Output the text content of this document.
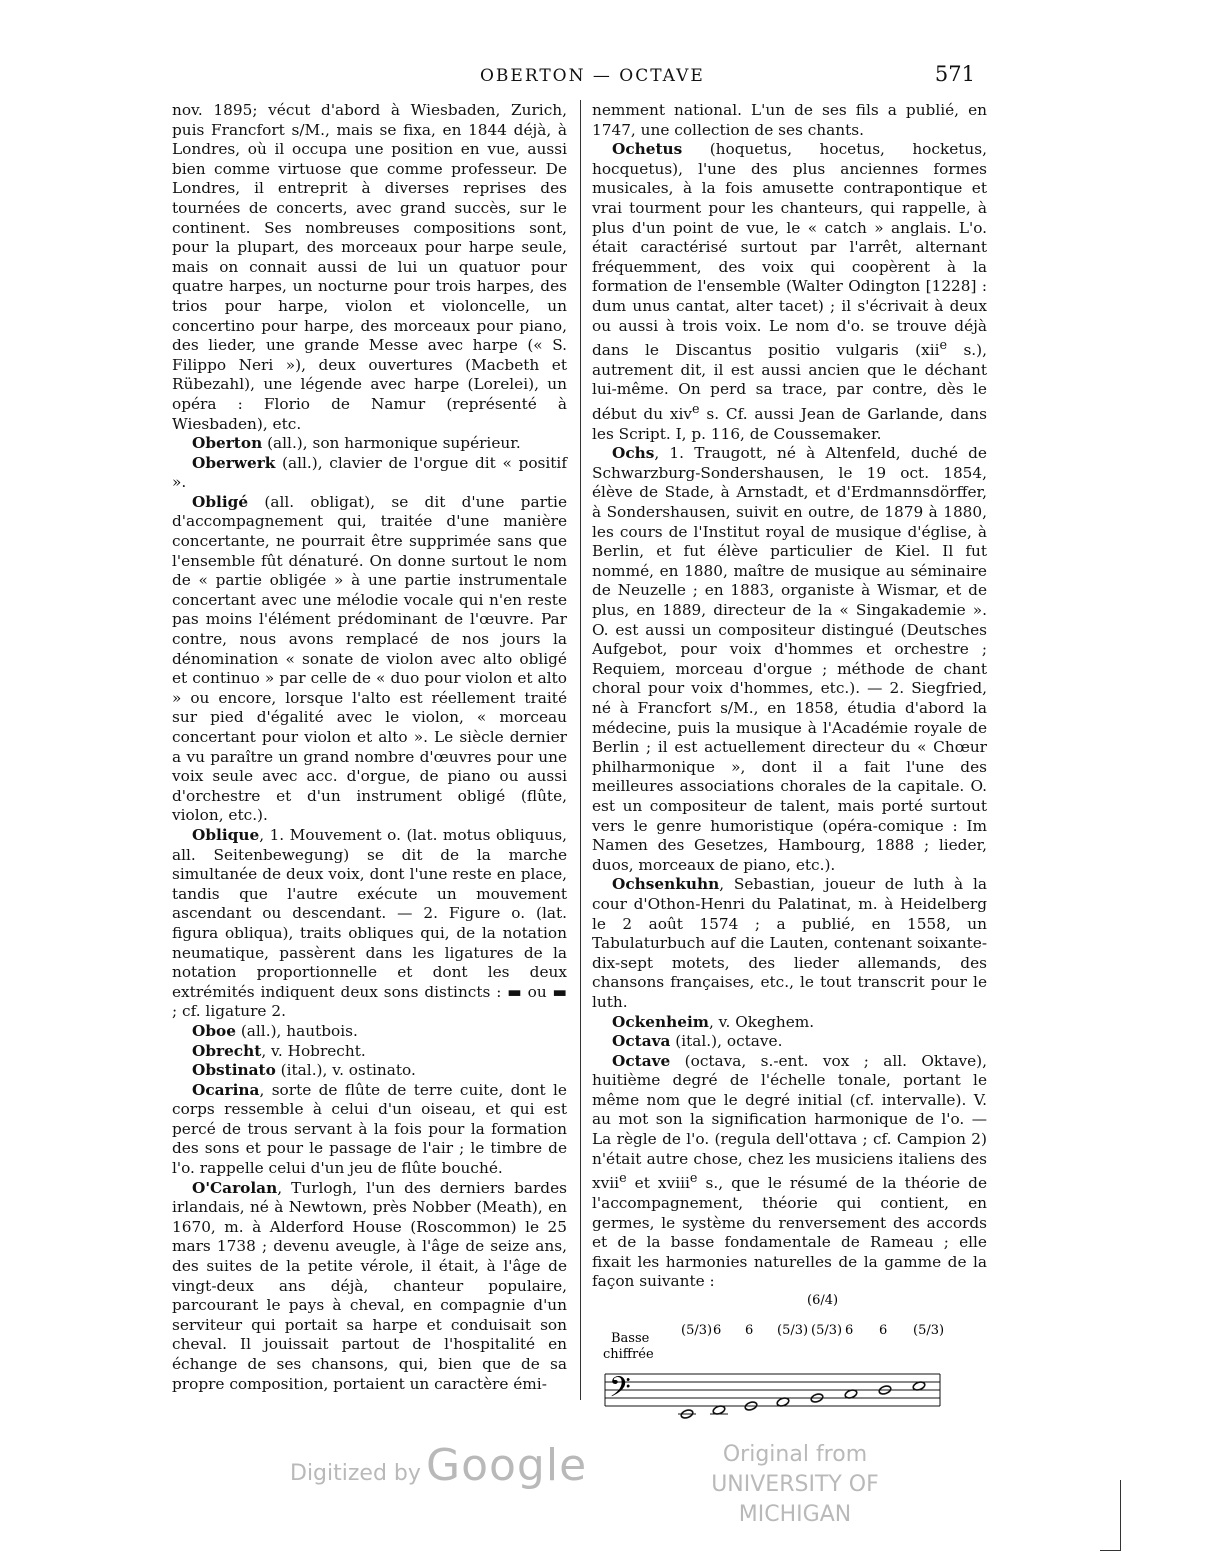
OBERTON — OCTAVE	571

nov. 1895; vécut d'abord à Wiesbaden, Zurich, puis Francfort s/M., mais se fixa, en 1844 déjà, à Londres, où il occupa une position en vue, aussi bien comme virtuose que comme professeur. De Londres, il entreprit à diverses reprises des tournées de concerts, avec grand succès, sur le continent. Ses nombreuses compositions sont, pour la plupart, des morceaux pour harpe seule, mais on connait aussi de lui un quatuor pour quatre harpes, un nocturne pour trois harpes, des trios pour harpe, violon et violoncelle, un concertino pour harpe, des morceaux pour piano, des lieder, une grande Messe avec harpe (« S. Filippo Neri »), deux ouvertures (Macbeth et Rübezahl), une légende avec harpe (Lorelei), un opéra : Florio de Namur (représenté à Wiesbaden), etc.

Oberton (all.), son harmonique supérieur.

Oberwerk (all.), clavier de l'orgue dit « positif ».

Obligé (all. obligat), se dit d'une partie d'accompagnement qui, traitée d'une manière concertante, ne pourrait être supprimée sans que l'ensemble fût dénaturé. On donne surtout le nom de « partie obligée » à une partie instrumentale concertant avec une mélodie vocale qui n'en reste pas moins l'élément prédominant de l'œuvre. Par contre, nous avons remplacé de nos jours la dénomination « sonate de violon avec alto obligé et continuo » par celle de « duo pour violon et alto » ou encore, lorsque l'alto est réellement traité sur pied d'égalité avec le violon, « morceau concertant pour violon et alto ». Le siècle dernier a vu paraître un grand nombre d'œuvres pour une voix seule avec acc. d'orgue, de piano ou aussi d'orchestre et d'un instrument obligé (flûte, violon, etc.).

Oblique, 1. Mouvement o. (lat. motus obliquus, all. Seitenbewegung) se dit de la marche simultanée de deux voix, dont l'une reste en place, tandis que l'autre exécute un mouvement ascendant ou descendant. — 2. Figure o. (lat. figura obliqua), traits obliques qui, de la notation neumatique, passèrent dans les ligatures de la notation proportionnelle et dont les deux extrémités indiquent deux sons distincts : ▬ ou ▬ ; cf. ligature 2.

Oboe (all.), hautbois.

Obrecht, v. Hobrecht.

Obstinato (ital.), v. ostinato.

Ocarina, sorte de flûte de terre cuite, dont le corps ressemble à celui d'un oiseau, et qui est percé de trous servant à la fois pour la formation des sons et pour le passage de l'air ; le timbre de l'o. rappelle celui d'un jeu de flûte bouché.

O'Carolan, Turlogh, l'un des derniers bardes irlandais, né à Newtown, près Nobber (Meath), en 1670, m. à Alderford House (Roscommon) le 25 mars 1738 ; devenu aveugle, à l'âge de seize ans, des suites de la petite vérole, il était, à l'âge de vingt-deux ans déjà, chanteur populaire, parcourant le pays à cheval, en compagnie d'un serviteur qui portait sa harpe et conduisait son cheval. Il jouissait partout de l'hospitalité en échange de ses chansons, qui, bien que de sa propre composition, portaient un caractère émi-

nemment national. L'un de ses fils a publié, en 1747, une collection de ses chants.

Ochetus (hoquetus, hocetus, hocketus, hocquetus), l'une des plus anciennes formes musicales, à la fois amusette contrapontique et vrai tourment pour les chanteurs, qui rappelle, à plus d'un point de vue, le « catch » anglais. L'o. était caractérisé surtout par l'arrêt, alternant fréquemment, des voix qui coopèrent à la formation de l'ensemble (Walter Odington [1228] : dum unus cantat, alter tacet) ; il s'écrivait à deux ou aussi à trois voix. Le nom d'o. se trouve déjà dans le Discantus positio vulgaris (xii$^e$ s.), autrement dit, il est aussi ancien que le déchant lui-même. On perd sa trace, par contre, dès le début du xiv$^e$ s. Cf. aussi Jean de Garlande, dans les Script. I, p. 116, de Coussemaker.

Ochs, 1. Traugott, né à Altenfeld, duché de Schwarzburg-Sondershausen, le 19 oct. 1854, élève de Stade, à Arnstadt, et d'Erdmannsdörffer, à Sondershausen, suivit en outre, de 1879 à 1880, les cours de l'Institut royal de musique d'église, à Berlin, et fut élève particulier de Kiel. Il fut nommé, en 1880, maître de musique au séminaire de Neuzelle ; en 1883, organiste à Wismar, et de plus, en 1889, directeur de la « Singakademie ». O. est aussi un compositeur distingué (Deutsches Aufgebot, pour voix d'hommes et orchestre ; Requiem, morceau d'orgue ; méthode de chant choral pour voix d'hommes, etc.). — 2. Siegfried, né à Francfort s/M., en 1858, étudia d'abord la médecine, puis la musique à l'Académie royale de Berlin ; il est actuellement directeur du « Chœur philharmonique », dont il a fait l'une des meilleures associations chorales de la capitale. O. est un compositeur de talent, mais porté surtout vers le genre humoristique (opéra-comique : Im Namen des Gesetzes, Hambourg, 1888 ; lieder, duos, morceaux de piano, etc.).

Ochsenkuhn, Sebastian, joueur de luth à la cour d'Othon-Henri du Palatinat, m. à Heidelberg le 2 août 1574 ; a publié, en 1558, un Tabulaturbuch auf die Lauten, contenant soixante-dix-sept motets, des lieder allemands, des chansons françaises, etc., le tout transcrit pour le luth.

Ockenheim, v. Okeghem.

Octava (ital.), octave.

Octave (octava, s.-ent. vox ; all. Oktave), huitième degré de l'échelle tonale, portant le même nom que le degré initial (cf. intervalle). V. au mot son la signification harmonique de l'o. — La règle de l'o. (regula dell'ottava ; cf. Campion 2) n'était autre chose, chez les musiciens italiens des xvii$^e$ et xviii$^e$ s., que le résumé de la théorie de l'accompagnement, théorie qui contient, en germes, le système du renversement des accords et de la basse fondamentale de Rameau ; elle fixait les harmonies naturelles de la gamme de la façon suivante :

Basse
chiffrée
(6/4)
(5/3) 6 6 (5/3) (5/3) 6 6 (5/3)
𝄢
Digitized by Google	Original from
UNIVERSITY OF MICHIGAN
